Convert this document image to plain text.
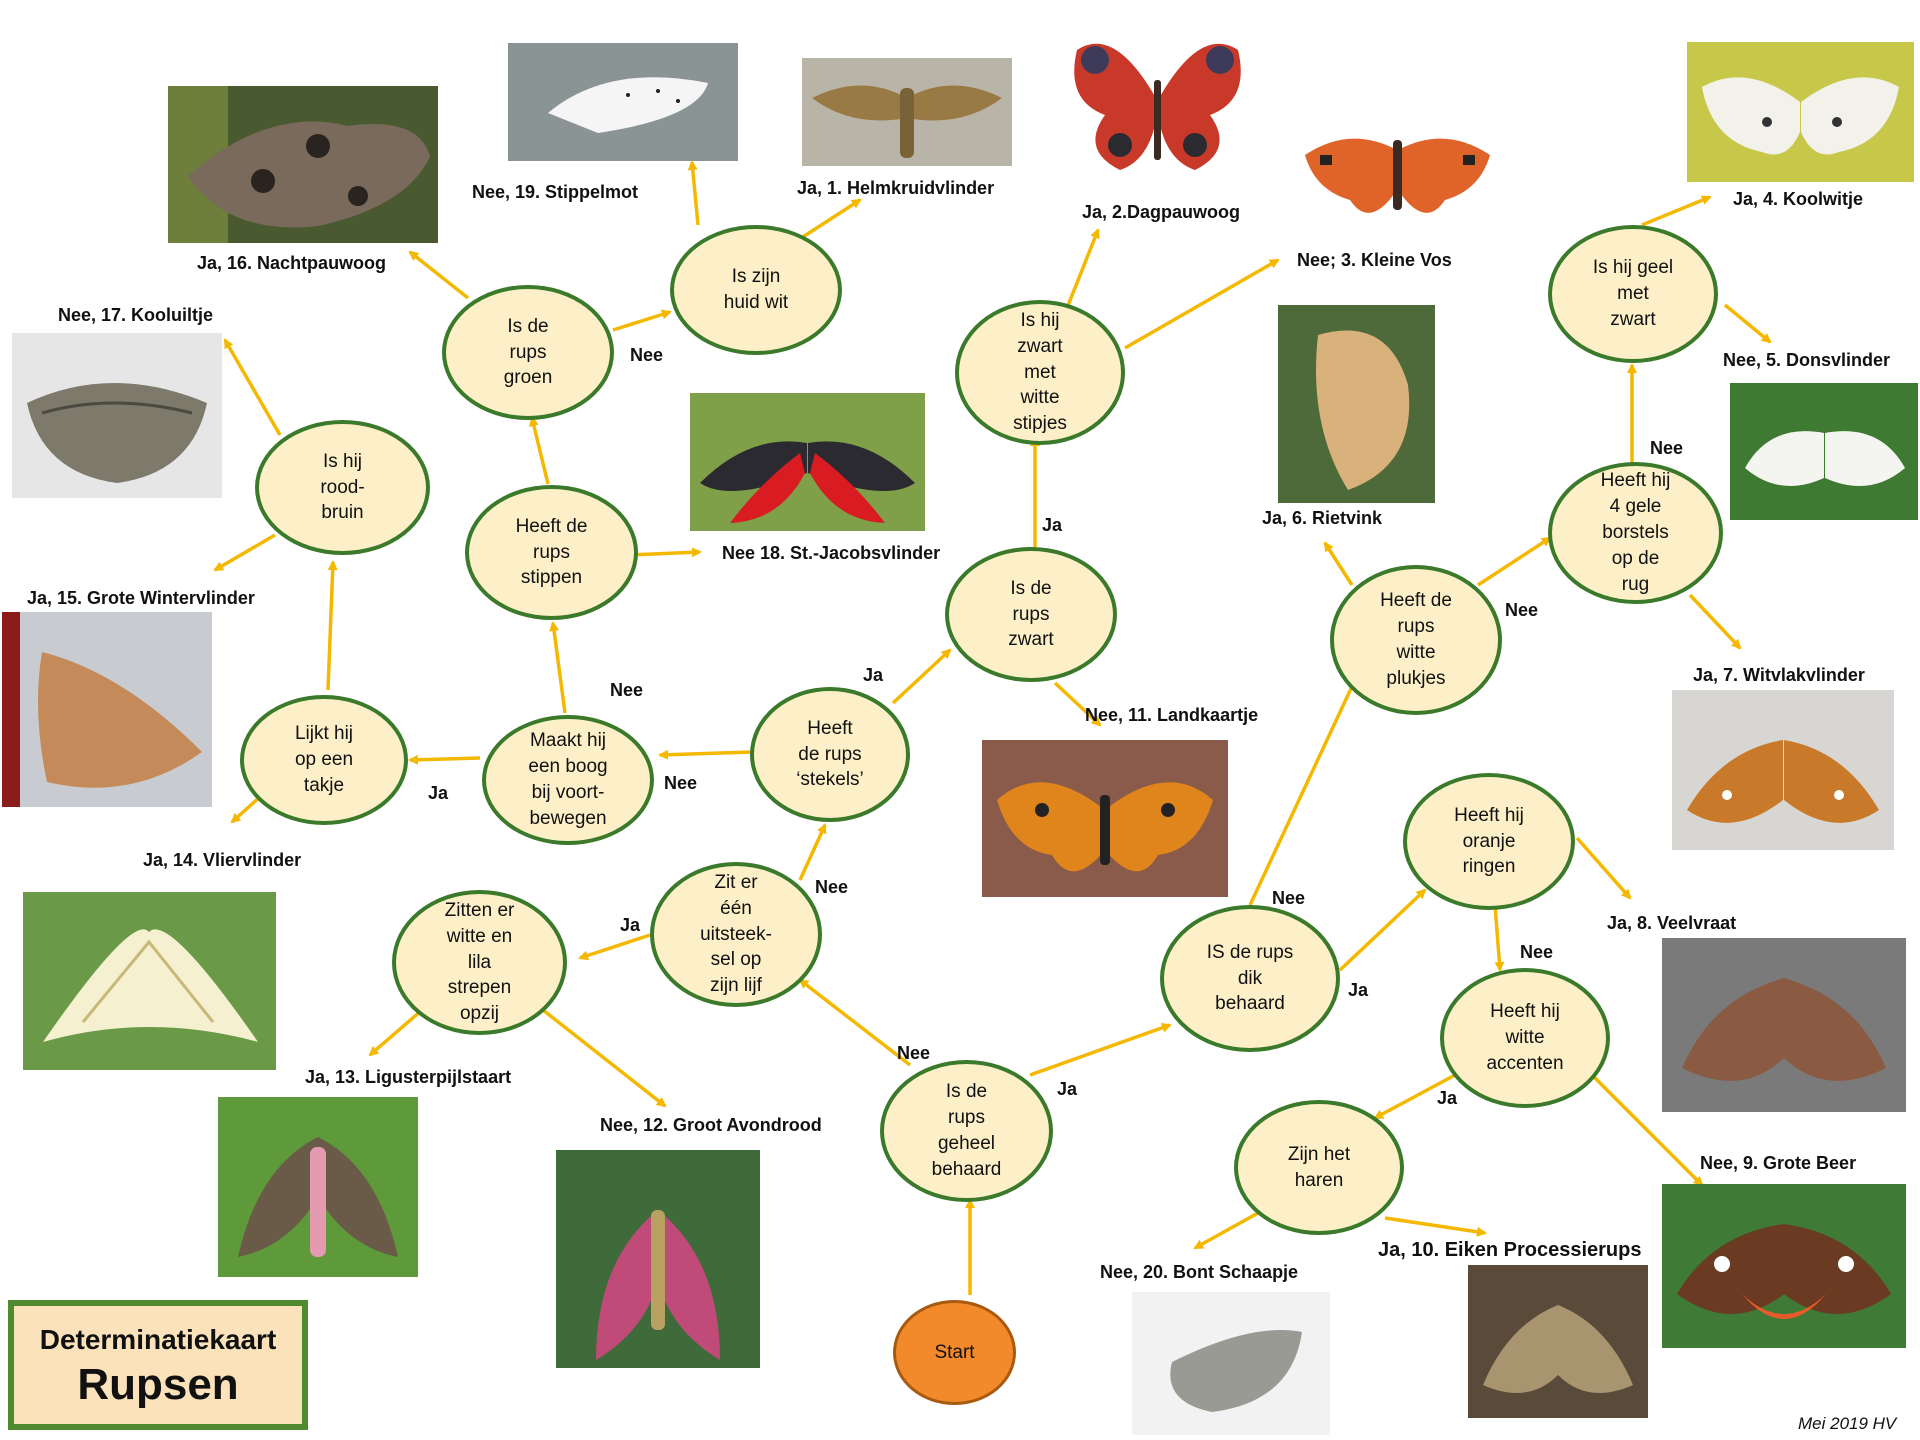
Is de
rups
geheel
behaard
IS de rups
dik
behaard
Heeft de
rups
witte
plukjes
Heeft hij
4 gele
borstels
op de
rug
Is hij geel
met
zwart
Heeft hij
oranje
ringen
Heeft hij
witte
accenten
Zijn het
haren
Zit er
één
uitsteek-
sel op
zijn lijf
Zitten er
witte en
lila
strepen
opzij
Heeft
de rups
‘stekels’
Is de
rups
zwart
Is hij
zwart
met
witte
stipjes
Maakt hij
een boog
bij voort-
bewegen
Lijkt hij
op een
takje
Is hij
rood-
bruin
Heeft de
rups
stippen
Is de
rups
groen
Is zijn
huid wit
Start
Nee
Ja
Nee
Ja
Nee
Nee
Nee
Ja
Nee
Ja
Ja
Nee
Ja
Nee
Ja
Nee
Ja, 1. Helmkruidvlinder
Ja, 2.Dagpauwoog
Nee; 3. Kleine Vos
Ja, 4. Koolwitje
Nee, 5. Donsvlinder
Ja, 6. Rietvink
Ja, 7. Witvlakvlinder
Ja, 8. Veelvraat
Nee, 9. Grote Beer
Ja, 10. Eiken Processierups
Nee, 11. Landkaartje
Nee, 12. Groot Avondrood
Ja, 13. Ligusterpijlstaart
Ja, 14. Vliervlinder
Ja, 15. Grote Wintervlinder
Ja, 16. Nachtpauwoog
Nee, 17. Kooluiltje
Nee 18. St.-Jacobsvlinder
Nee, 19. Stippelmot
Nee, 20. Bont Schaapje
Determinatiekaart
Rupsen
Mei 2019 HV
